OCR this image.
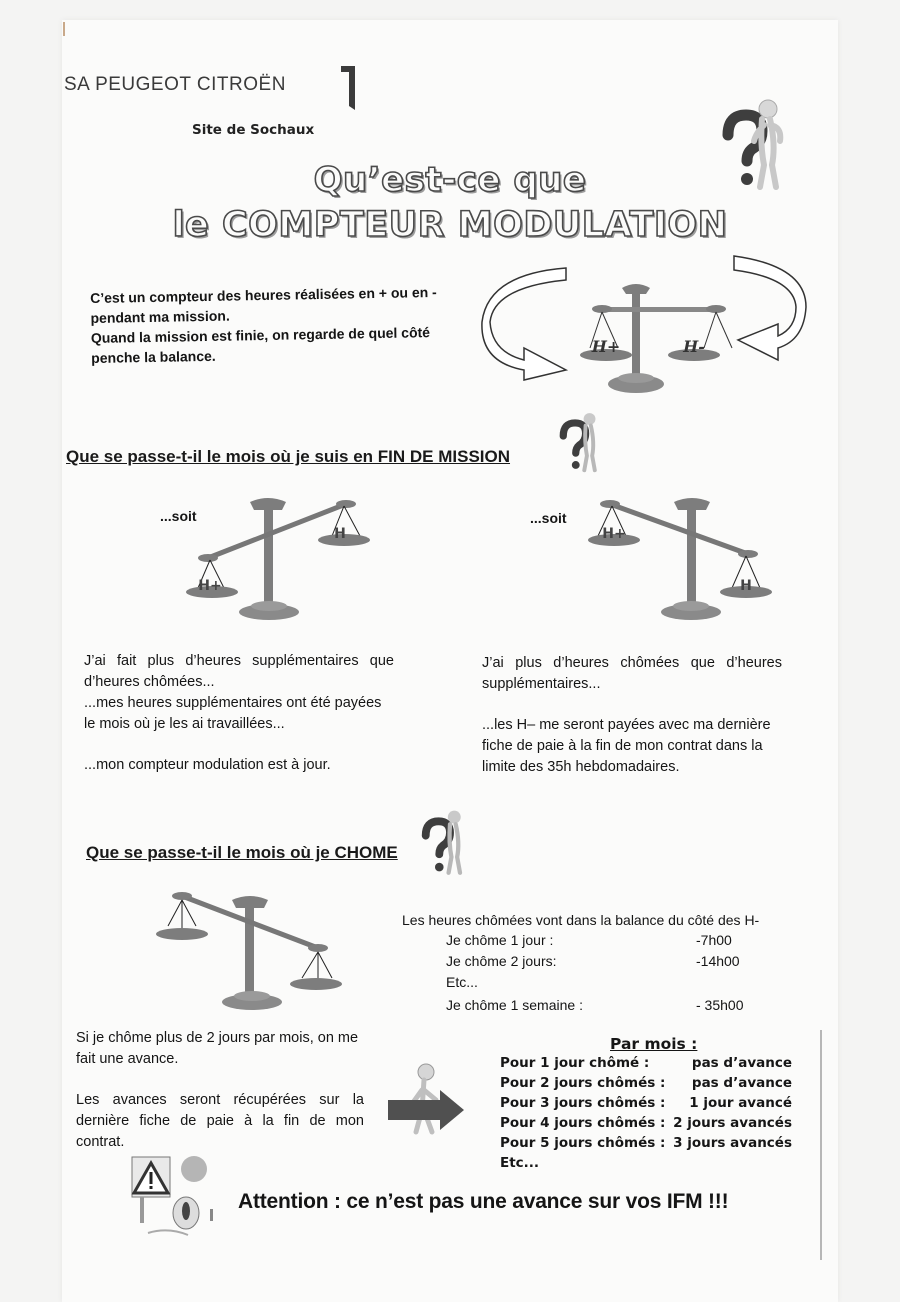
SA PEUGEOT CITROËN
Site de Sochaux
Qu’est-ce que
le COMPTEUR MODULATION
C’est un compteur des heures réalisées en + ou en -
pendant ma mission.
Quand la mission est finie, on regarde de quel côté
penche la balance.
H+	H-
Que se passe-t-il le mois où je suis en FIN DE MISSION
...soit	...soit
H+
H	H+
H
J’ai fait plus d’heures supplémentaires que d’heures chômées...
...mes heures supplémentaires ont été payées le mois où je les ai travaillées...
...mon compteur modulation est à jour.
J’ai plus d’heures chômées que d’heures supplémentaires...
...les H– me seront payées avec ma dernière fiche de paie à la fin de mon contrat dans la limite des 35h hebdomadaires.
Que se passe-t-il le mois où je CHOME
Les heures chômées vont dans la balance du côté des H-
Je chôme 1 jour :	-7h00
Je chôme 2 jours:	-14h00
Etc...
Je chôme 1 semaine :	- 35h00
Si je chôme plus de 2 jours par mois, on me fait une avance.
Les avances seront récupérées sur la dernière fiche de paie à la fin de mon contrat.
Par mois :
Pour 1 jour chômé :	pas d’avance
Pour 2 jours chômés : pas d’avance
Pour 3 jours chômés : 1 jour avancé
Pour 4 jours chômés : 2 jours avancés
Pour 5 jours chômés : 3 jours avancés
Etc...
Attention : ce n’est pas une avance sur vos IFM !!!
